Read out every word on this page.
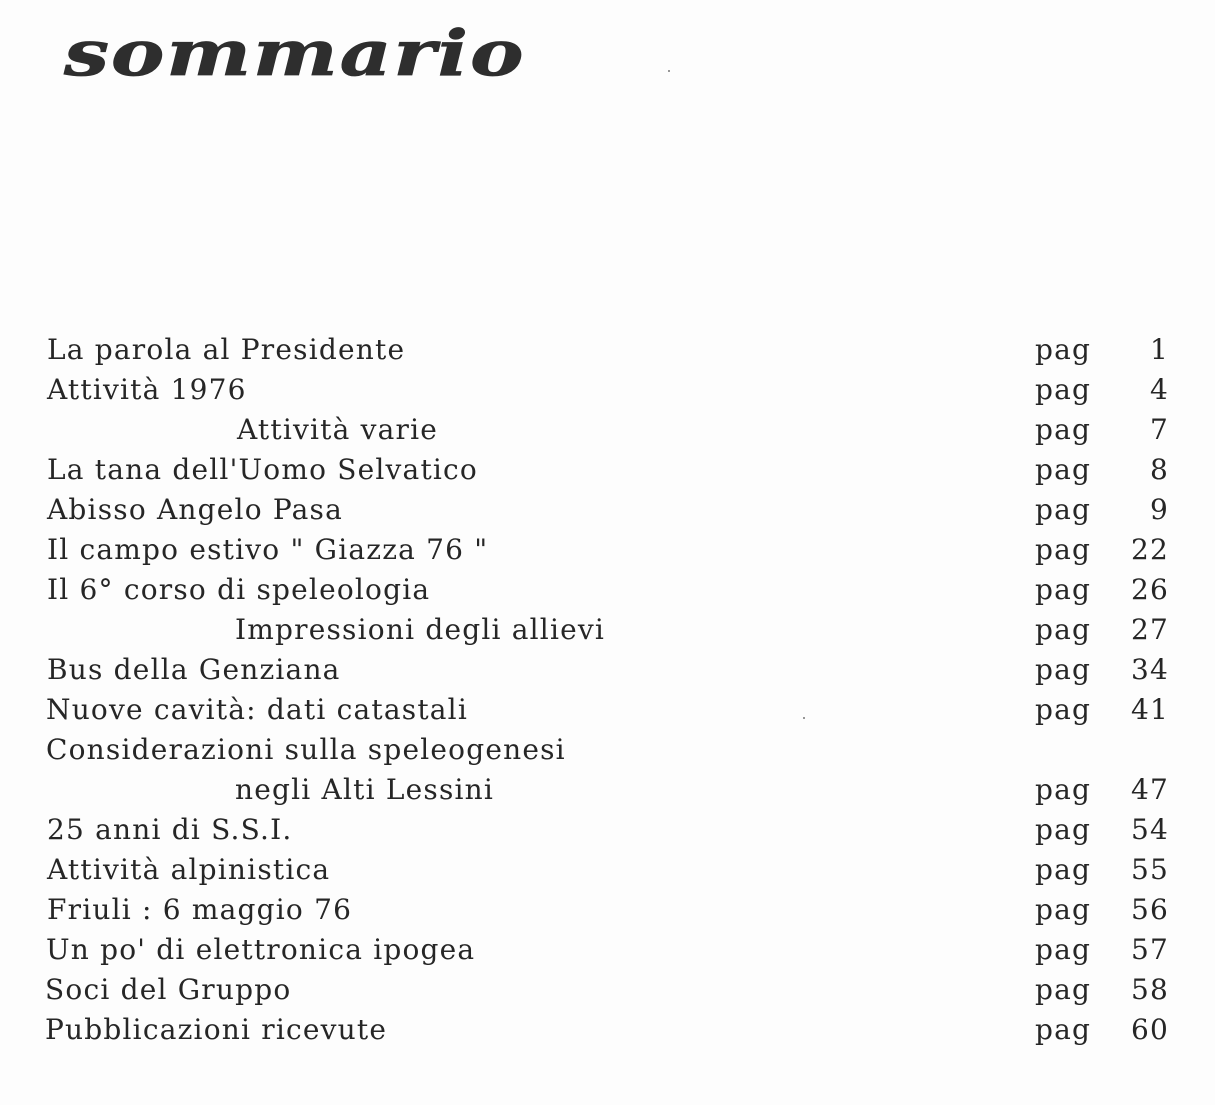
sommario
La parola al Presidente	pag 1
Attività 1976	pag 4
Attività varie	pag 7
La tana dell'Uomo Selvatico	pag 8
Abisso Angelo Pasa	pag 9
Il campo estivo " Giazza 76 "	pag 22
Il 6° corso di speleologia	pag 26
Impressioni degli allievi	pag 27
Bus della Genziana	pag 34
Nuove cavità: dati catastali	pag 41
Considerazioni sulla speleogenesi
negli Alti Lessini	pag 47
25 anni di S.S.I.	pag 54
Attività alpinistica	pag 55
Friuli : 6 maggio 76	pag 56
Un po' di elettronica ipogea	pag 57
Soci del Gruppo	pag 58
Pubblicazioni ricevute	pag 60
